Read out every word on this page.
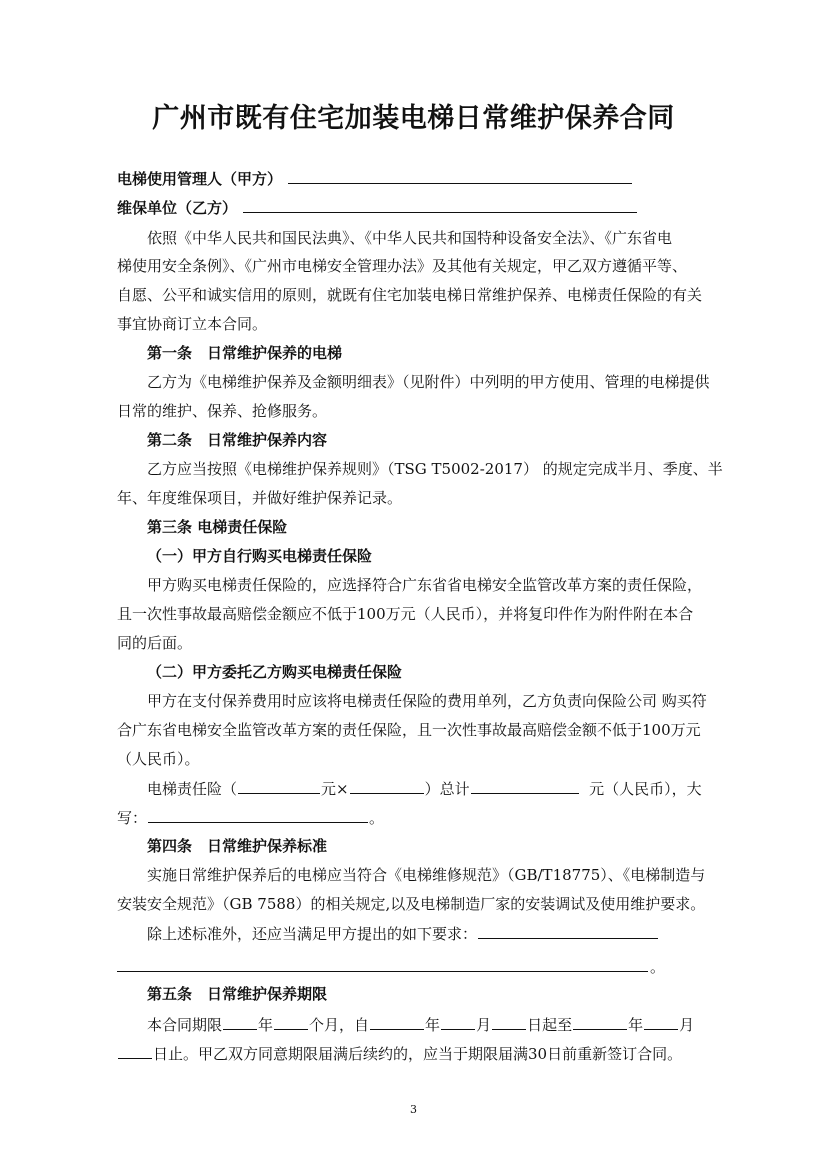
广州市既有住宅加装电梯日常维护保养合同
电梯使用管理人（甲方）
维保单位（乙方）
依照《中华人民共和国民法典》、《中华人民共和国特种设备安全法》、《广东省电
梯使用安全条例》、《广州市电梯安全管理办法》及其他有关规定，甲乙双方遵循平等、
自愿、公平和诚实信用的原则，就既有住宅加装电梯日常维护保养、电梯责任保险的有关
事宜协商订立本合同。
第一条　日常维护保养的电梯
乙方为《电梯维护保养及金额明细表》（见附件）中列明的甲方使用、管理的电梯提供
日常的维护、保养、抢修服务。
第二条　日常维护保养内容
乙方应当按照《电梯维护保养规则》（TSG T5002-2017） 的规定完成半月、季度、半
年、年度维保项目，并做好维护保养记录。
第三条 电梯责任保险
（一）甲方自行购买电梯责任保险
甲方购买电梯责任保险的，应选择符合广东省省电梯安全监管改革方案的责任保险，
且一次性事故最高赔偿金额应不低于100万元（人民币），并将复印件作为附件附在本合
同的后面。
（二）甲方委托乙方购买电梯责任保险
甲方在支付保养费用时应该将电梯责任保险的费用单列，乙方负责向保险公司 购买符
合广东省电梯安全监管改革方案的责任保险，且一次性事故最高赔偿金额不低于100万元
（人民币）。
电梯责任险（	元×	）总计	元（人民币），大
写：	。
第四条　日常维护保养标准
实施日常维护保养后的电梯应当符合《电梯维修规范》（GB/T18775）、《电梯制造与
安装安全规范》（GB 7588）的相关规定,以及电梯制造厂家的安装调试及使用维护要求。
除上述标准外，还应当满足甲方提出的如下要求：
。
第五条　日常维护保养期限
本合同期限 年 个月，自	年 月 日起至	年 月
日止。甲乙双方同意期限届满后续约的，应当于期限届满30日前重新签订合同。
3
